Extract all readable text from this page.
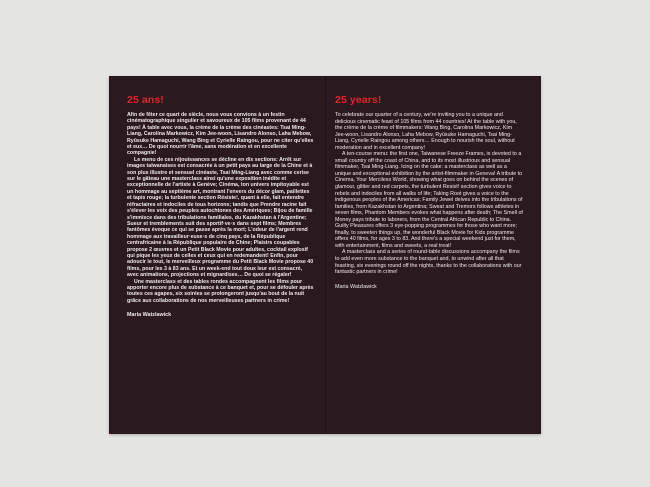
25 ans!

Afin de fêter ce quart de siècle, nous vous convions à un festin cinématographique singulier et savoureux de 105 films provenant de 44 pays! À table avec vous, la crème de la crème des cinéastes: Tsai Ming-Liang, Carolina Markowicz, Kim Jee-woon, Lisandro Alonso, Laha Mebow, Ryūsuke Hamaguchi, Wang Bing et Cyrielle Raingou, pour ne citer qu'elles et eux… De quoi nourrir l'âme, sans modération et en excellente compagnie!

Le menu de ces réjouissances se décline en dix sections: Arrêt sur images taïwanaises est consacrée à un petit pays au large de la Chine et à son plus illustre et sensuel cinéaste, Tsai Ming-Liang avec comme cerise sur le gâteau une masterclass ainsi qu'une exposition inédite et exceptionnelle de l'artiste à Genève; Cinéma, ton univers impitoyable est un hommage au septième art, montrant l'envers du décor glam, paillettes et tapis rouge; la turbulente section Résiste!, quant à elle, fait entendre réfractaires et indociles de tous horizons; tandis que Prendre racine fait s'élever les voix des peuples autochtones des Amériques; Bijou de famille s'immisce dans des tribulations familiales, du Kazakhstan à l'Argentine; Sueur et tremblements suit des sportif·ve·s dans sept films; Membres fantômes évoque ce qui se passe après la mort; L'odeur de l'argent rend hommage aux travailleur·euse·s de cinq pays, de la République centrafricaine à la République populaire de Chine; Plaisirs coupables propose 2 œuvres et un Petit Black Movie pour adultes, cocktail explosif qui pique les yeux de celles et ceux qui en redemandent! Enfin, pour adoucir le tout, le merveilleux programme du Petit Black Movie propose 40 films, pour les 3 à 83 ans. Et un week-end tout doux leur est consacré, avec animations, projections et mignardises… De quoi se régaler!

Une masterclass et des tables rondes accompagnent les films pour apporter encore plus de substance à ce banquet et, pour se défouler après toutes ces agapes, six soirées se prolongeront jusqu'au bout de la nuit grâce aux collaborations de nos merveilleuses partners in crime!

Maria Watzlawick
25 years!

To celebrate our quarter of a century, we're inviting you to a unique and delicious cinematic feast of 105 films from 44 countries! At the table with you, the crème de la crème of filmmakers: Wang Bing, Carolina Markowicz, Kim Jee-woon, Lisandro Alonso, Laha Mebow, Ryūsuke Hamaguchi, Tsai Ming-Liang, Cyrielle Raingou among others… Enough to nourish the soul, without moderation and in excellent company!

A ten-course menu: the first one, Taiwanese Freeze Frames, is devoted to a small country off the coast of China, and to its most illustrious and sensual filmmaker, Tsai Ming-Liang. Icing on the cake: a masterclass as well as a unique and exceptional exhibition by the artist-filmmaker in Geneva! A tribute to Cinema, Your Merciless World, showing what goes on behind the scenes of glamour, glitter and red carpets, the turbulent Resist! section gives voice to rebels and indociles from all walks of life; Taking Root gives a voice to the indigenous peoples of the Americas; Family Jewel delves into the tribulations of families, from Kazakhstan to Argentina; Sweat and Tremors follows athletes in seven films, Phantom Members evokes what happens after death; The Smell of Money pays tribute to laborers, from the Central African Republic to China. Guilty Pleasures offers 3 eye-popping programmes for those who want more; finally, to sweeten things up, the wonderful Black Movie for Kids programme offers 40 films, for ages 3 to 83. And there's a special weekend just for them, with entertainment, films and sweets, a real treat!

A masterclass and a series of round-table discussions accompany the films to add even more substance to the banquet and, to unwind after all that feasting, six evenings round off the nights, thanks to the collaborations with our fantastic partners in crime!

Maria Watzlawick
